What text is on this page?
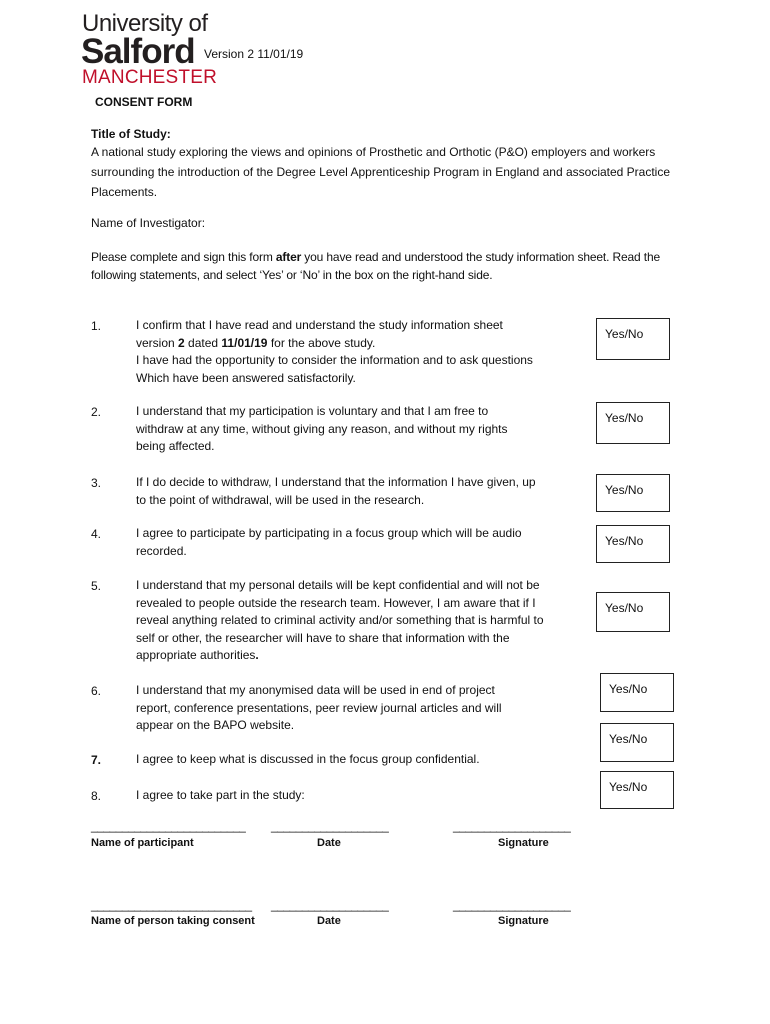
University of
Salford
MANCHESTER
Version 2 11/01/19
CONSENT FORM
Title of Study:
A national study exploring the views and opinions of Prosthetic and Orthotic (P&O) employers and workers surrounding the introduction of the Degree Level Apprenticeship Program in England and associated Practice Placements.
Name of Investigator:
Please complete and sign this form after you have read and understood the study information sheet. Read the following statements, and select ‘Yes’ or ‘No’ in the box on the right-hand side.
1.	I confirm that I have read and understand the study information sheet
version 2 dated 11/01/19 for the above study.
I have had the opportunity to consider the information and to ask questions
Which have been answered satisfactorily.
Yes/No
2.	I understand that my participation is voluntary and that I am free to
withdraw at any time, without giving any reason, and without my rights
being affected.
Yes/No
3.	If I do decide to withdraw, I understand that the information I have given, up
to the point of withdrawal, will be used in the research.
Yes/No
4.	I agree to participate by participating in a focus group which will be audio
recorded.
Yes/No
5.	I understand that my personal details will be kept confidential and will not be
revealed to people outside the research team. However, I am aware that if I
reveal anything related to criminal activity and/or something that is harmful to
self or other, the researcher will have to share that information with the
appropriate authorities.
Yes/No
6.	I understand that my anonymised data will be used in end of project
report, conference presentations, peer review journal articles and will
appear on the BAPO website.
Yes/No
7.	I agree to keep what is discussed in the focus group confidential.
Yes/No
8.	I agree to take part in the study:
Yes/No
_________________________ ___________________	___________________
Name of participant	Date	Signature
__________________________ ___________________	___________________
Name of person taking consent	Date	Signature
